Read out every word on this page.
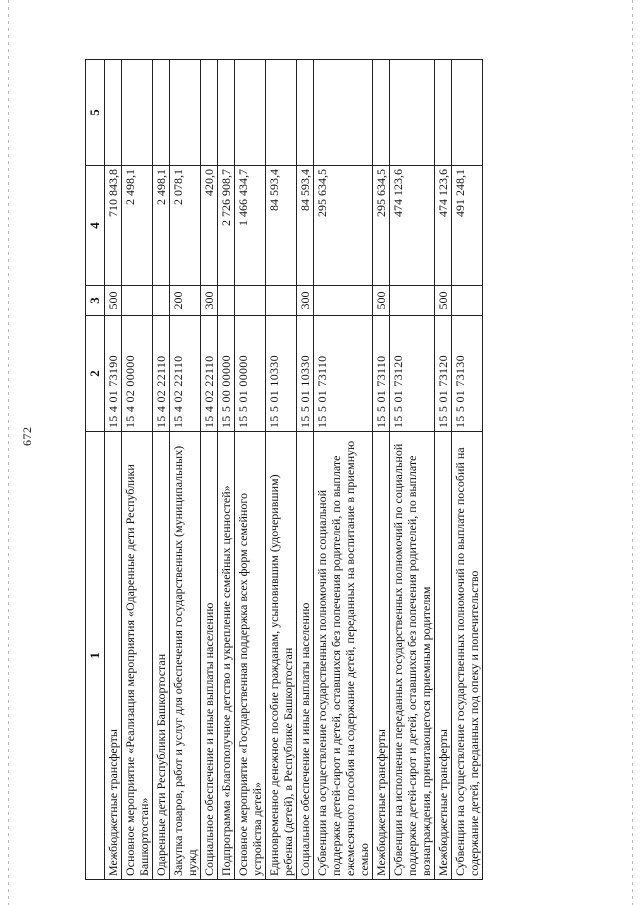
672
1	2	3	4	5
Межбюджетные трансферты	15 4 01 73190	500	710 843,8	
Основное мероприятие «Реализация мероприятия «Одаренные дети Республики Башкортостан»	15 4 02 00000		2 498,1	
Одаренные дети Республики Башкортостан	15 4 02 22110		2 498,1	
Закупка товаров, работ и услуг для обеспечения государственных (муниципальных) нужд	15 4 02 22110	200	2 078,1	
Социальное обеспечение и иные выплаты населению	15 4 02 22110	300	420,0	
Подпрограмма «Благополучное детство и укрепление семейных ценностей»	15 5 00 00000		2 726 908,7	
Основное мероприятие «Государственная поддержка всех форм семейного устройства детей»	15 5 01 00000		1 466 434,7	
Единовременное денежное пособие гражданам, усыновившим (удочерившим) ребенка (детей), в Республике Башкортостан	15 5 01 10330		84 593,4	
Социальное обеспечение и иные выплаты населению	15 5 01 10330	300	84 593,4	
Субвенции на осуществление государственных полномочий по социальной поддержке детей-сирот и детей, оставшихся без попечения родителей, по выплате ежемесячного пособия на содержание детей, переданных на воспитание в приемную семью	15 5 01 73110		295 634,5	
Межбюджетные трансферты	15 5 01 73110	500	295 634,5	
Субвенции на исполнение переданных государственных полномочий по социальной поддержке детей-сирот и детей, оставшихся без попечения родителей, по выплате вознаграждения, причитающегося приемным родителям	15 5 01 73120		474 123,6	
Межбюджетные трансферты	15 5 01 73120	500	474 123,6	
Субвенции на осуществление государственных полномочий по выплате пособий на содержание детей, переданных под опеку и попечительство	15 5 01 73130		491 248,1	
